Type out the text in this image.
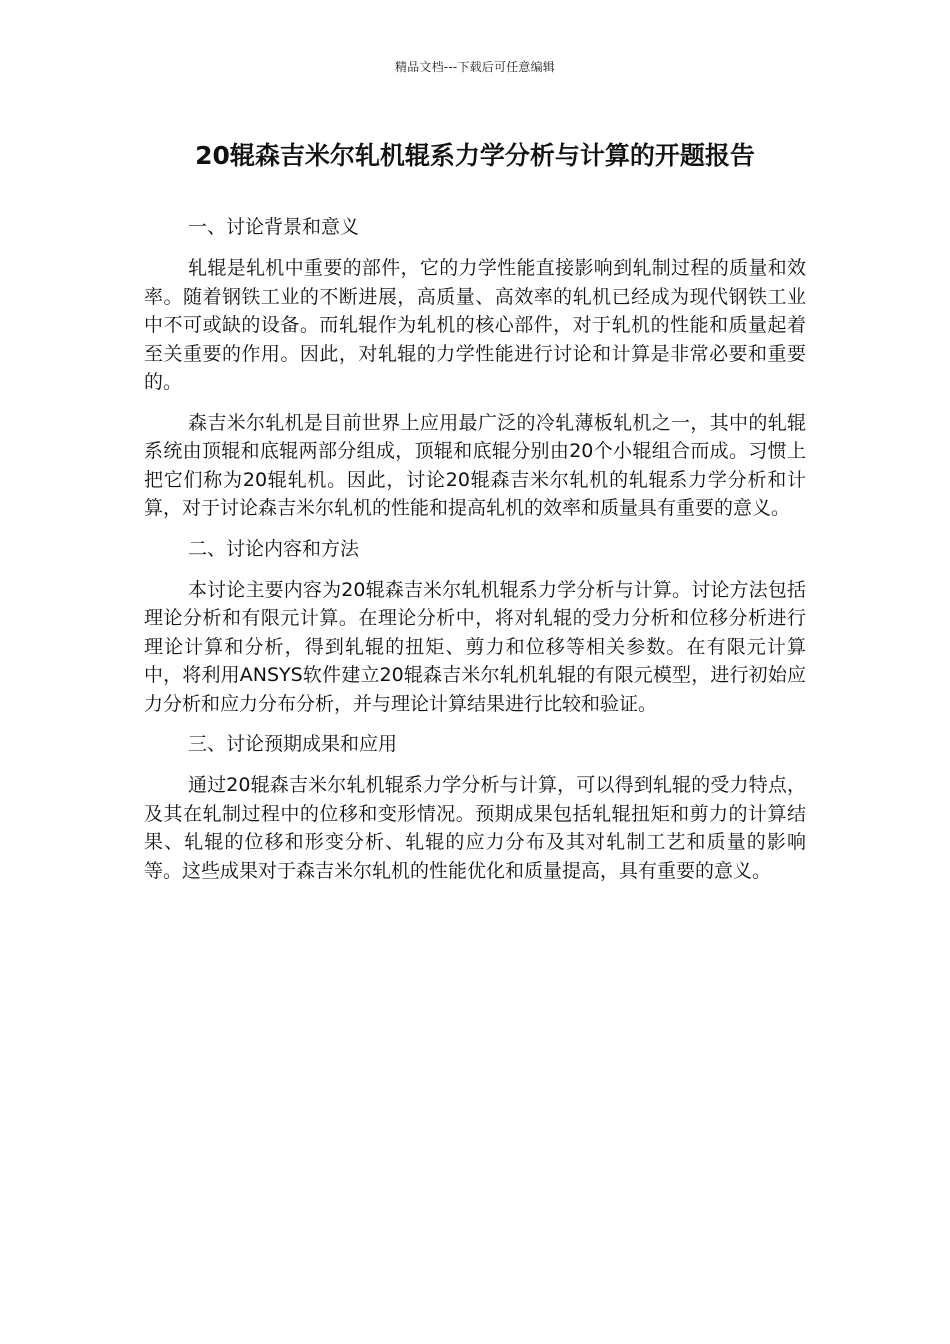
精品文档---下载后可任意编辑
20辊森吉米尔轧机辊系力学分析与计算的开题报告

一、讨论背景和意义

轧辊是轧机中重要的部件，它的力学性能直接影响到轧制过程的质量和效率。随着钢铁工业的不断进展，高质量、高效率的轧机已经成为现代钢铁工业中不可或缺的设备。而轧辊作为轧机的核心部件，对于轧机的性能和质量起着至关重要的作用。因此，对轧辊的力学性能进行讨论和计算是非常必要和重要的。

森吉米尔轧机是目前世界上应用最广泛的冷轧薄板轧机之一，其中的轧辊系统由顶辊和底辊两部分组成，顶辊和底辊分别由20个小辊组合而成。习惯上把它们称为20辊轧机。因此，讨论20辊森吉米尔轧机的轧辊系力学分析和计算，对于讨论森吉米尔轧机的性能和提高轧机的效率和质量具有重要的意义。

二、讨论内容和方法

本讨论主要内容为20辊森吉米尔轧机辊系力学分析与计算。讨论方法包括理论分析和有限元计算。在理论分析中，将对轧辊的受力分析和位移分析进行理论计算和分析，得到轧辊的扭矩、剪力和位移等相关参数。在有限元计算中，将利用ANSYS软件建立20辊森吉米尔轧机轧辊的有限元模型，进行初始应力分析和应力分布分析，并与理论计算结果进行比较和验证。

三、讨论预期成果和应用

通过20辊森吉米尔轧机辊系力学分析与计算，可以得到轧辊的受力特点，及其在轧制过程中的位移和变形情况。预期成果包括轧辊扭矩和剪力的计算结果、轧辊的位移和形变分析、轧辊的应力分布及其对轧制工艺和质量的影响等。这些成果对于森吉米尔轧机的性能优化和质量提高，具有重要的意义。
